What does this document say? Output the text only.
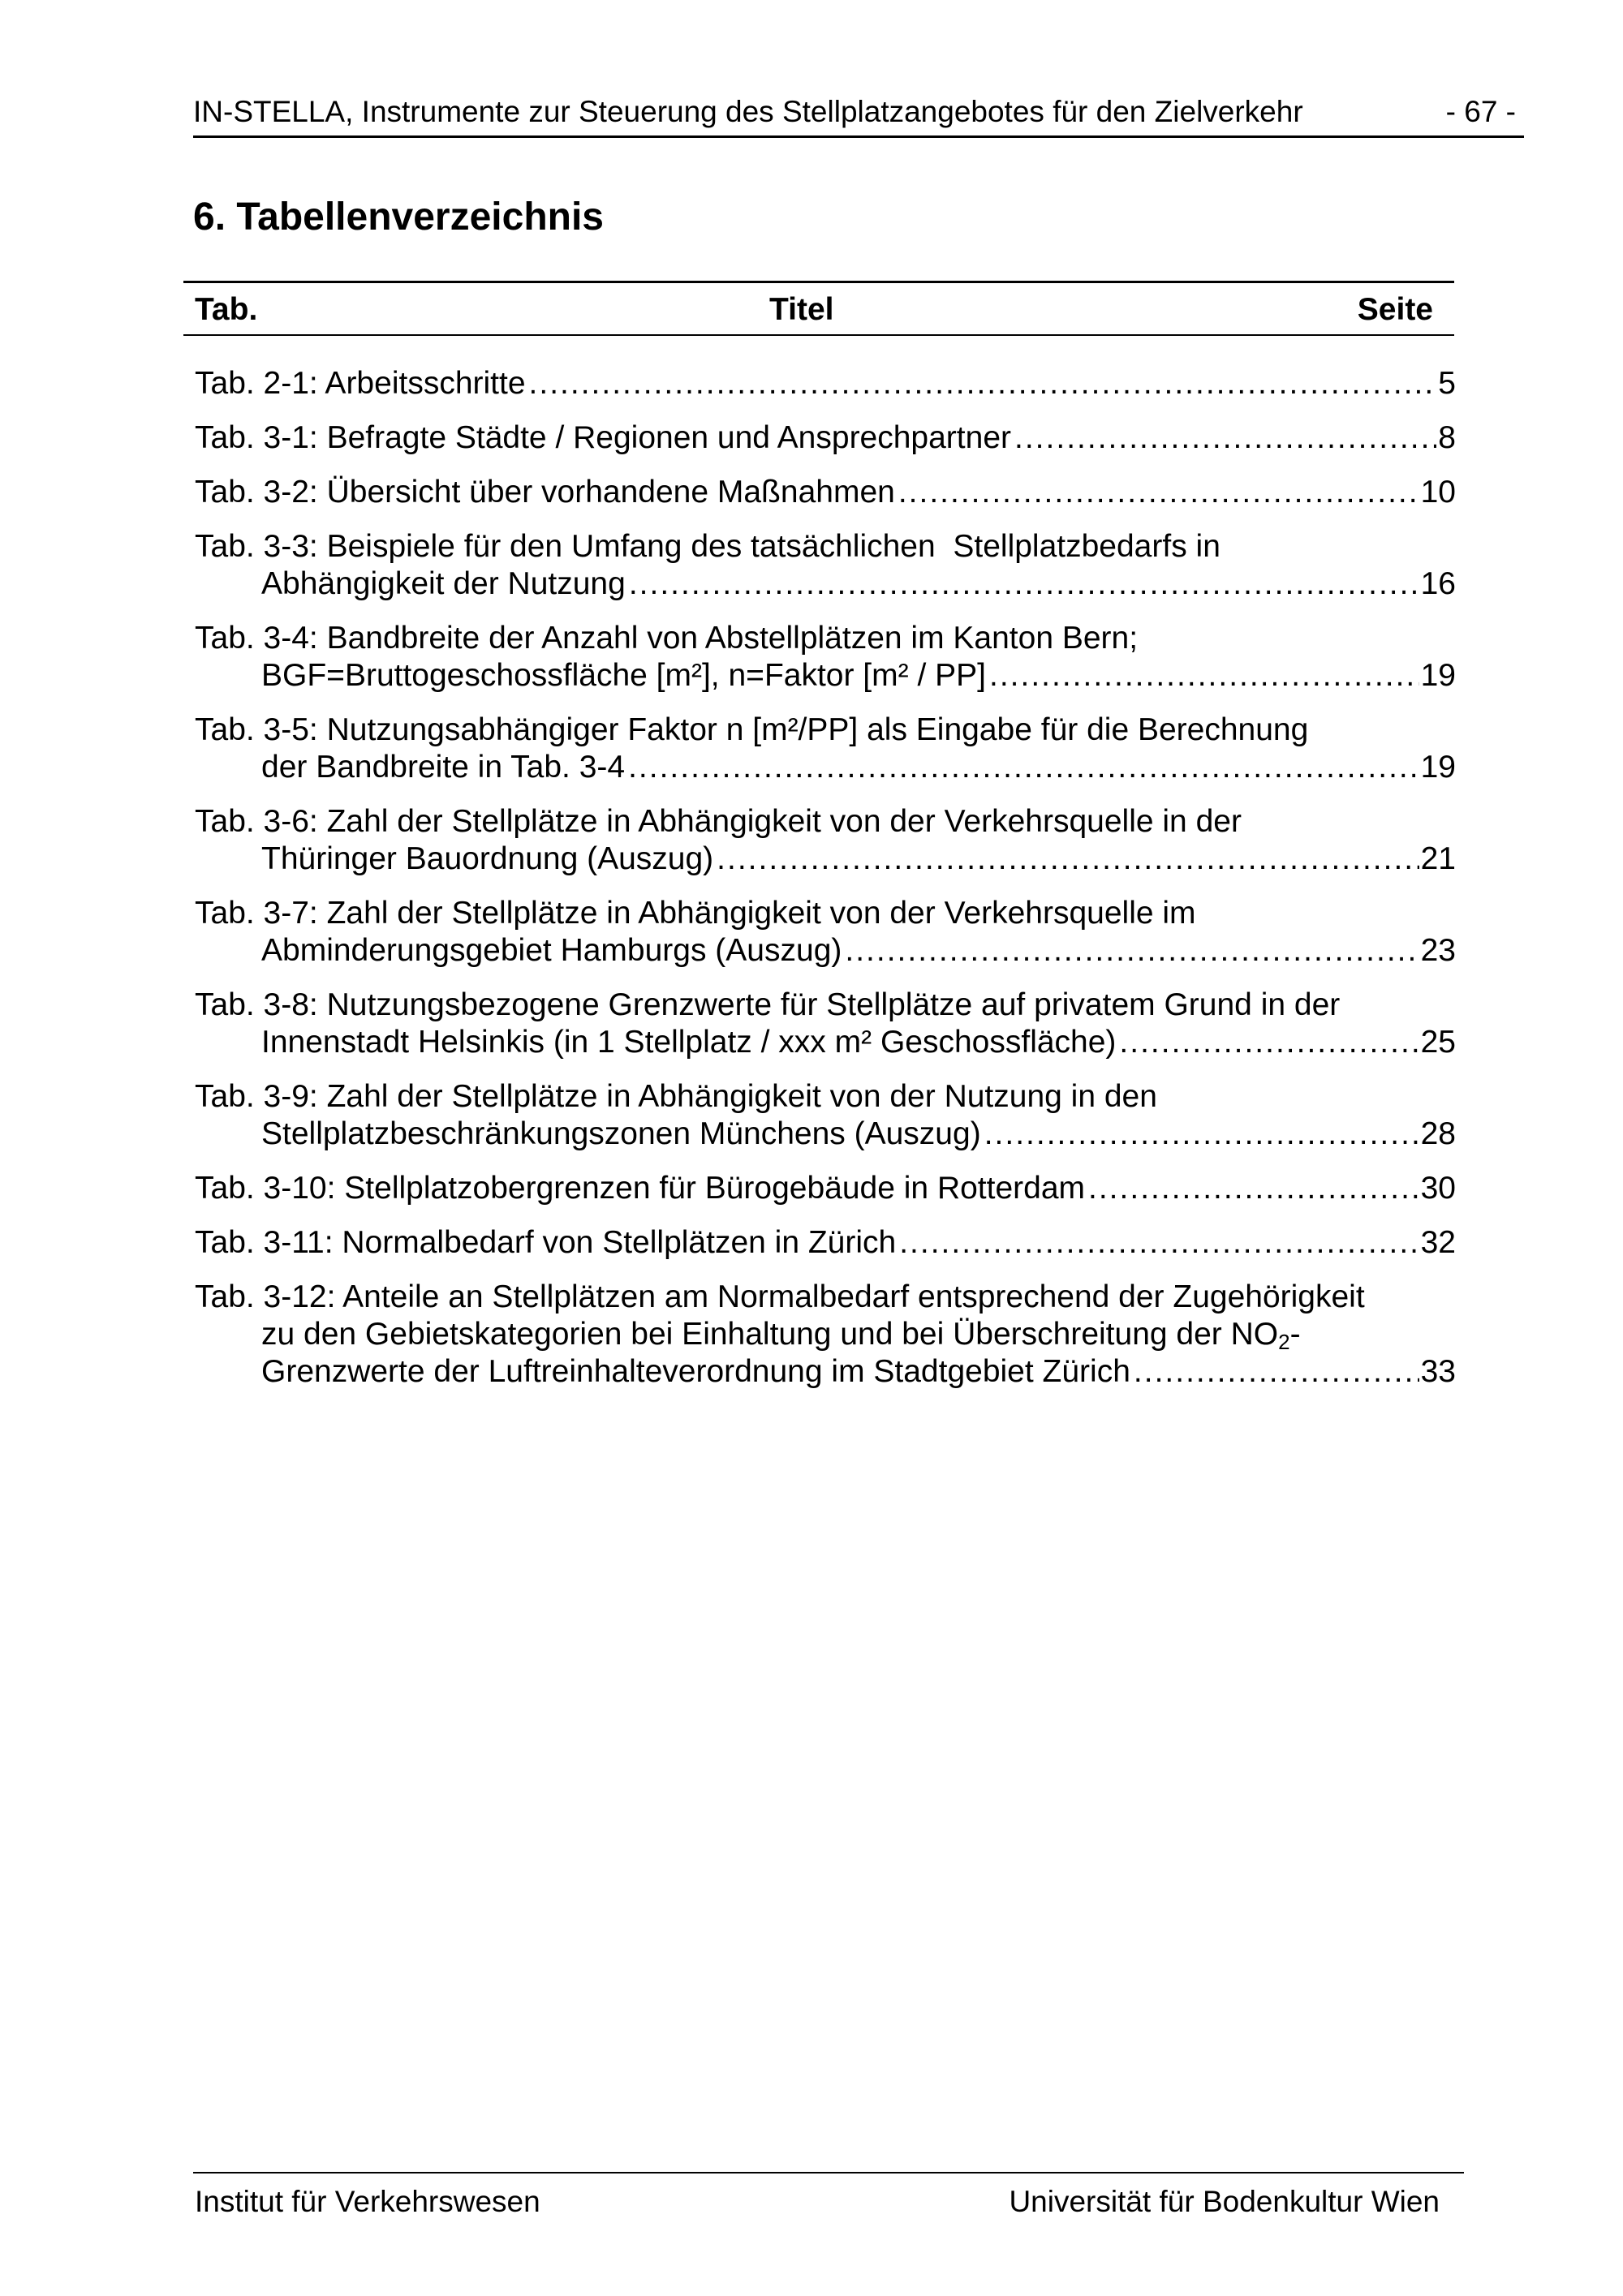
IN-STELLA, Instrumente zur Steuerung des Stellplatzangebotes für den Zielverkehr	- 67 -
6. Tabellenverzeichnis
Tab.	Titel	Seite
Tab. 2-1: Arbeitsschritte .....	5
Tab. 3-1: Befragte Städte / Regionen und Ansprechpartner .....	8
Tab. 3-2: Übersicht über vorhandene Maßnahmen .....	10
Tab. 3-3: Beispiele für den Umfang des tatsächlichen  Stellplatzbedarfs in
Abhängigkeit der Nutzung .....	16
Tab. 3-4: Bandbreite der Anzahl von Abstellplätzen im Kanton Bern;
BGF=Bruttogeschossfläche [m²], n=Faktor [m² / PP] .....	19
Tab. 3-5: Nutzungsabhängiger Faktor n [m²/PP] als Eingabe für die Berechnung
der Bandbreite in Tab. 3-4 .....	19
Tab. 3-6: Zahl der Stellplätze in Abhängigkeit von der Verkehrsquelle in der
Thüringer Bauordnung (Auszug) .....	21
Tab. 3-7: Zahl der Stellplätze in Abhängigkeit von der Verkehrsquelle im
Abminderungsgebiet Hamburgs (Auszug) .....	23
Tab. 3-8: Nutzungsbezogene Grenzwerte für Stellplätze auf privatem Grund in der
Innenstadt Helsinkis (in 1 Stellplatz / xxx m² Geschossfläche) .....	25
Tab. 3-9: Zahl der Stellplätze in Abhängigkeit von der Nutzung in den
Stellplatzbeschränkungszonen Münchens (Auszug) .....	28
Tab. 3-10: Stellplatzobergrenzen für Bürogebäude in Rotterdam .....	30
Tab. 3-11: Normalbedarf von Stellplätzen in Zürich .....	32
Tab. 3-12: Anteile an Stellplätzen am Normalbedarf entsprechend der Zugehörigkeit
zu den Gebietskategorien bei Einhaltung und bei Überschreitung der $NO_2-$
Grenzwerte der Luftreinhalteverordnung im Stadtgebiet Zürich .....	33
Institut für Verkehrswesen	Universität für Bodenkultur Wien
